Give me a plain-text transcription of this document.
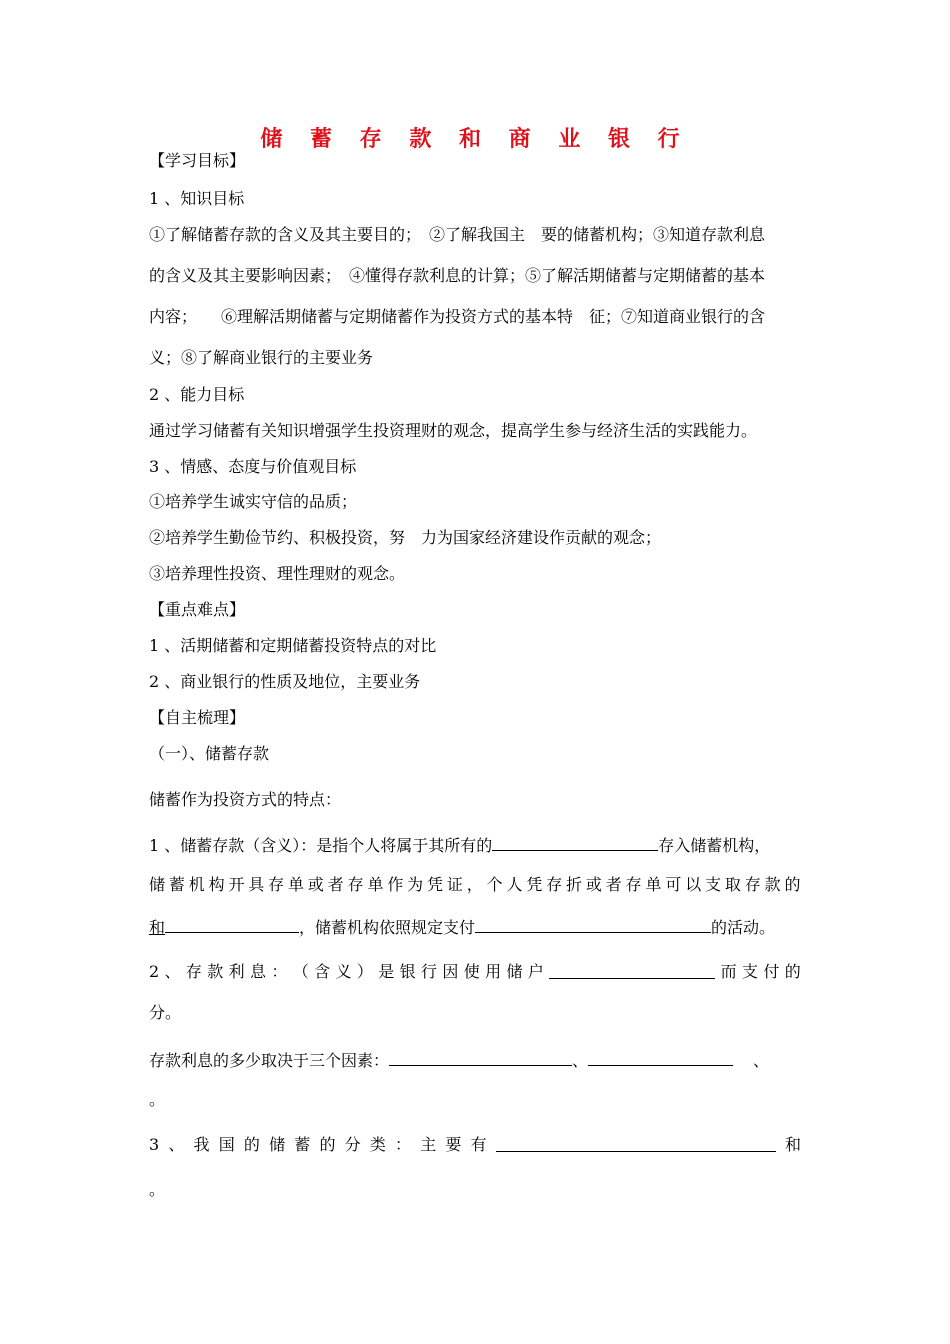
储 蓄 存 款 和 商 业 银 行
【学习目标】
1 、知识目标
①了解储蓄存款的含义及其主要目的；　②了解我国主　要的储蓄机构；③知道存款利息
的含义及其主要影响因素；　④懂得存款利息的计算；⑤了解活期储蓄与定期储蓄的基本
内容；　　⑥理解活期储蓄与定期储蓄作为投资方式的基本特　征；⑦知道商业银行的含
义；⑧了解商业银行的主要业务
2 、能力目标
通过学习储蓄有关知识增强学生投资理财的观念，提高学生参与经济生活的实践能力。
3 、情感、态度与价值观目标
①培养学生诚实守信的品质；
②培养学生勤俭节约、积极投资，努　力为国家经济建设作贡献的观念；
③培养理性投资、理性理财的观念。
【重点难点】
1 、活期储蓄和定期储蓄投资特点的对比
2 、商业银行的性质及地位，主要业务
【自主梳理】
（一）、储蓄存款
储蓄作为投资方式的特点：
1 、储蓄存款（含义）：是指个人将属于其所有的	存入储蓄机构，
储 蓄 机 构 开 具 存 单 或 者 存 单 作 为 凭 证 ， 个 人 凭 存 折 或 者 存 单 可 以 支 取 存 款 的
和	，储蓄机构依照规定支付	的活动。
2 、 存 款 利 息 ： （ 含 义 ） 是 银 行 因 使 用 储 户	而 支 付 的
分。
存款利息的多少取决于三个因素：	、	、
。
3 、 我 国 的 储 蓄 的 分 类 ： 主 要 有	和
。
